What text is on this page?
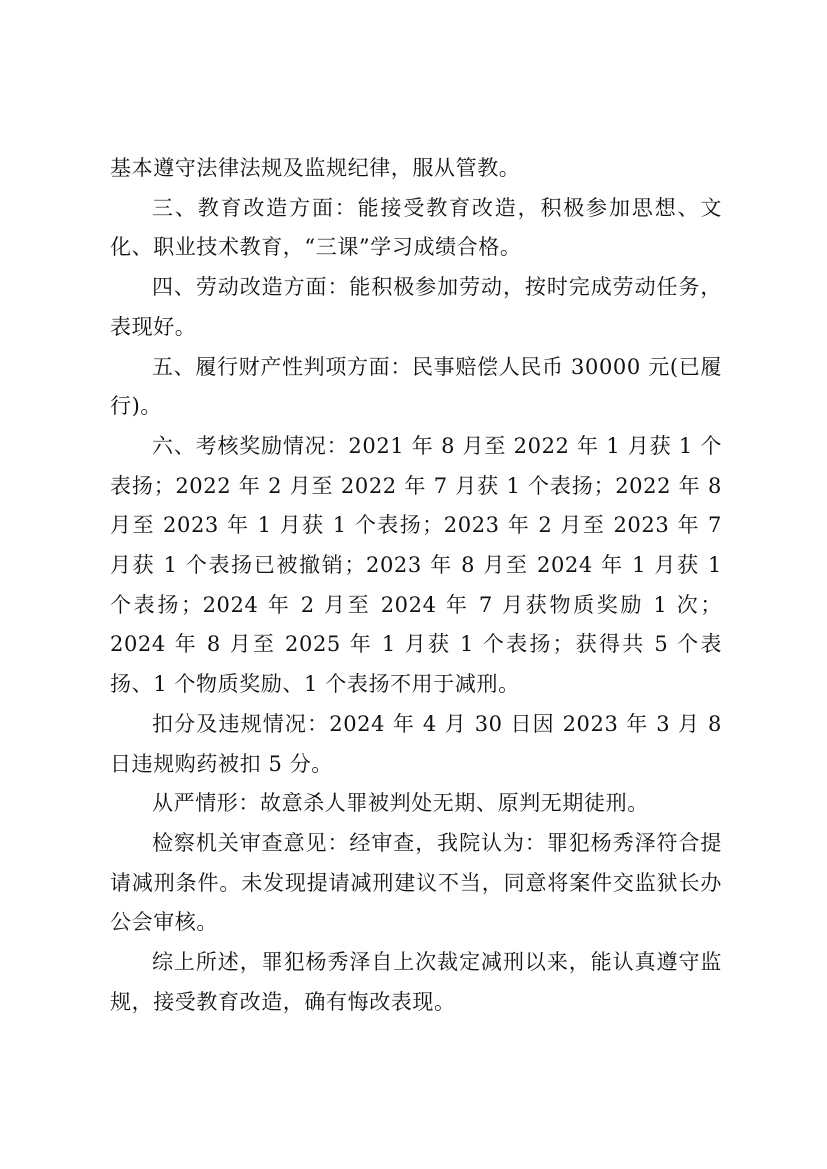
基本遵守法律法规及监规纪律，服从管教。

三、教育改造方面：能接受教育改造，积极参加思想、文化、职业技术教育，“三课”学习成绩合格。

四、劳动改造方面：能积极参加劳动，按时完成劳动任务，表现好。

五、履行财产性判项方面：民事赔偿人民币 30000 元(已履行)。

六、考核奖励情况：2021 年 8 月至 2022 年 1 月获 1 个表扬；2022 年 2 月至 2022 年 7 月获 1 个表扬；2022 年 8 月至 2023 年 1 月获 1 个表扬；2023 年 2 月至 2023 年 7 月获 1 个表扬已被撤销；2023 年 8 月至 2024 年 1 月获 1 个表扬；2024 年 2 月至 2024 年 7 月获物质奖励 1 次；2024 年 8 月至 2025 年 1 月获 1 个表扬；获得共 5 个表扬、1 个物质奖励、1 个表扬不用于减刑。

扣分及违规情况：2024 年 4 月 30 日因 2023 年 3 月 8 日违规购药被扣 5 分。

从严情形：故意杀人罪被判处无期、原判无期徒刑。

检察机关审查意见：经审查，我院认为：罪犯杨秀泽符合提请减刑条件。未发现提请减刑建议不当，同意将案件交监狱长办公会审核。

综上所述，罪犯杨秀泽自上次裁定减刑以来，能认真遵守监规，接受教育改造，确有悔改表现。
